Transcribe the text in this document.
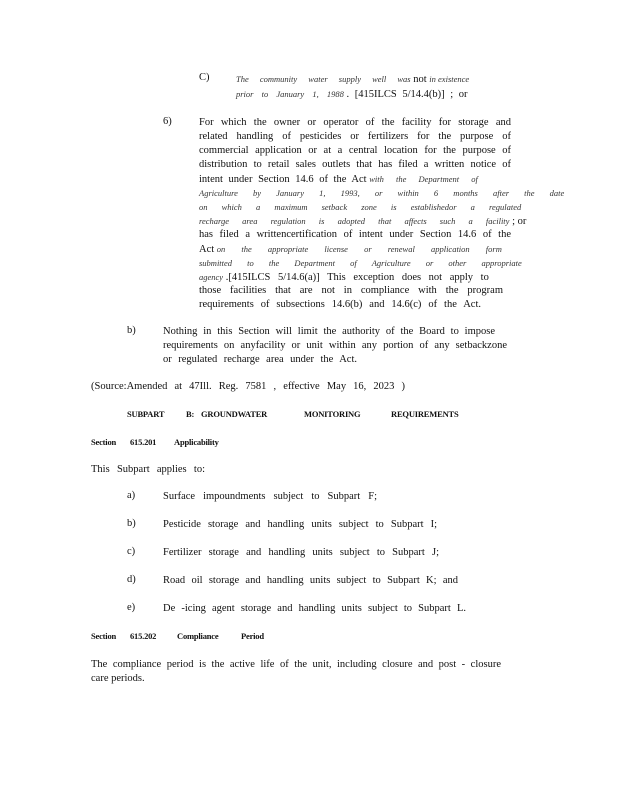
C)	The community water supply well was not in existence
prior to January 1, 1988 . [415ILCS 5/14.4(b)] ; or
6)	For which the owner or operator of the facility for storage and
related handling of pesticides or fertilizers for the purpose of
commercial application or at a central location for the purpose of
distribution to retail sales outlets that has filed a written notice of
intent under Section 14.6 of the Act with the Department of
Agriculture by January 1, 1993, or within 6 months after the date
on which a maximum setback zone is establishedor a regulated
recharge area regulation is adopted that affects such a facility ; or
has filed a writtencertification of intent under Section 14.6 of the
Act on the appropriate license or renewal application form
submitted to the Department of Agriculture or other appropriate
agency .[415ILCS 5/14.6(a)] This exception does not apply to
those facilities that are not in compliance with the program
requirements of subsections 14.6(b) and 14.6(c) of the Act.
b)	Nothing in this Section will limit the authority of the Board to impose
requirements on anyfacility or unit within any portion of any setbackzone
or regulated recharge area under the Act.
(Source:Amended at 47Ill. Reg. 7581 , effective May 16, 2023 )
SUBPART	B: GROUNDWATER	MONITORING	REQUIREMENTS
Section 615.201 Applicability
This Subpart applies to:
a)	Surface impoundments subject to Subpart F;
b)	Pesticide storage and handling units subject to Subpart I;
c)	Fertilizer storage and handling units subject to Subpart J;
d)	Road oil storage and handling units subject to Subpart K; and
e)	De -icing agent storage and handling units subject to Subpart L.
Section 615.202 Compliance	Period
The compliance period is the active life of the unit, including closure and post - closure
care periods.
